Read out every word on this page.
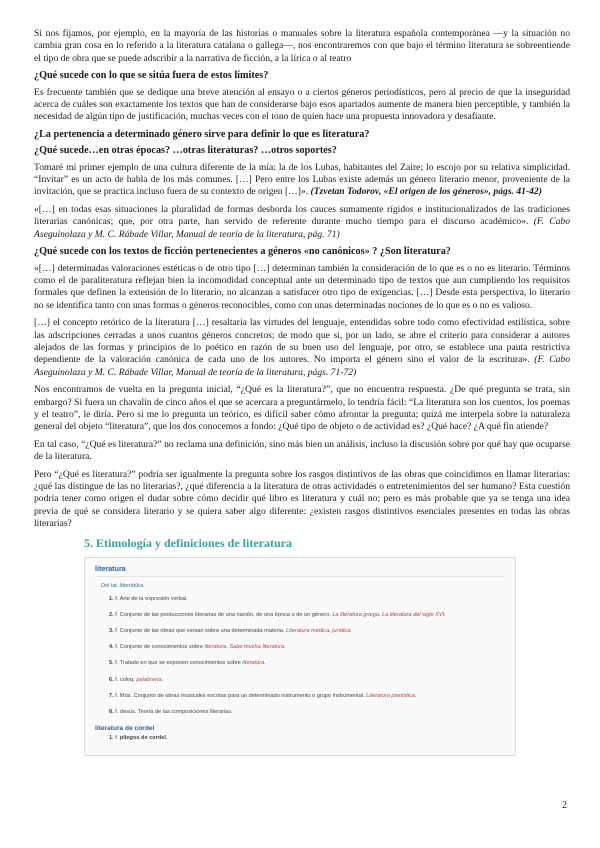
Si nos fijamos, por ejemplo, en la mayoría de las historias o manuales sobre la literatura española contemporánea —y la situación no cambia gran cosa en lo referido a la literatura catalana o gallega—, nos encontraremos con que bajo el término literatura se sobreentiende el tipo de obra que se puede adscribir a la narrativa de ficción, a la lírica o al teatro

¿Qué sucede con lo que se sitúa fuera de estos límites?

Es frecuente también que se dedique una breve atención al ensayo o a ciertos géneros periodísticos, pero al precio de que la inseguridad acerca de cuáles son exactamente los textos que han de considerarse bajo esos apartados aumente de manera bien perceptible, y también la necesidad de algún tipo de justificación, muchas veces con el tono de quien hace una propuesta innovadora y desafiante.

¿La pertenencia a determinado género sirve para definir lo que es literatura?
¿Qué sucede…en otras épocas? …otras literaturas? …otros soportes?

Tomaré mi primer ejemplo de una cultura diferente de la mía: la de los Lubas, habitantes del Zaire; lo escojo por su relativa simplicidad. “Invitar” es un acto de habla de los más comunes. […] Pero entre los Lubas existe además un género literario menor, proveniente de la invitación, que se practica incluso fuera de su contexto de origen […]». (Tzvetan Todorov, «El origen de los géneros», págs. 41-42)

«[…] en todas esas situaciones la pluralidad de formas desborda los cauces sumamente rígidos e institucionalizados de las tradiciones literarias canónicas; que, por otra parte, han servido de referente durante mucho tiempo para el discurso académico». (F. Cabo Aseguinolaza y M. C. Rábade Villar, Manual de teoría de la literatura, pág. 71)

¿Qué sucede con los textos de ficción pertenecientes a géneros «no canónicos» ? ¿Son literatura?

«[…] determinadas valoraciones estéticas o de otro tipo […] determinan también la consideración de lo que es o no es literario. Términos como el de paraliteratura reflejan bien la incomodidad conceptual ante un determinado tipo de textos que aun cumpliendo los requisitos formales que definen la extensión de lo literario, no alcanzan a satisfacer otro tipo de exigencias. […] Desde esta perspectiva, lo literario no se identifica tanto con unas formas o géneros reconocibles, como con unas determinadas nociones de lo que es o no es valioso.

[…] el concepto retórico de la literatura […] resaltaría las virtudes del lenguaje, entendidas sobre todo como efectividad estilística, sobre las adscripciones cerradas a unos cuantos géneros concretos; de modo que si, por un lado, se abre el criterio para considerar a autores alejados de las formas y principios de lo poético en razón de su buen uso del lenguaje, por otro, se establece una pauta restrictiva dependiente de la valoración canónica de cada uno de los autores. No importa el género sino el valor de la escritura». (F. Cabo Aseguinolaza y M. C. Rábade Villar, Manual de teoría de la literatura, págs. 71-72)

Nos encontramos de vuelta en la pregunta inicial, “¿Qué es la literatura?”, que no encuentra respuesta. ¿De qué pregunta se trata, sin embargo? Si fuera un chavalín de cinco años el que se acercara a preguntármelo, lo tendría fácil: “La literatura son los cuentos, los poemas y el teatro”, le diría. Pero si me lo pregunta un teórico, es difícil saber cómo afrontar la pregunta; quizá me interpela sobre la naturaleza general del objeto “literatura”, que los dos conocemos a fondo: ¿Qué tipo de objeto o de actividad es? ¿Qué hace? ¿A qué fin atiende?

En tal caso, “¿Qué es literatura?” no reclama una definición, sino más bien un análisis, incluso la discusión sobre por qué hay que ocuparse de la literatura.

Pero “¿Qué es literatura?” podría ser igualmente la pregunta sobre los rasgos distintivos de las obras que coincidimos en llamar literarias: ¿qué las distingue de las no literarias?, ¿qué diferencia a la literatura de otras actividades o entretenimientos del ser humano? Esta cuestión podría tener como origen el dudar sobre cómo decidir qué libro es literatura y cuál no; pero es más probable que ya se tenga una idea previa de qué se considera literario y se quiera saber algo diferente: ¿existen rasgos distintivos esenciales presentes en todas las obras literarias?

5. Etimología y definiciones de literatura
literatura
Del lat. litterātūra.
1. f. Arte de la expresión verbal.
2. f. Conjunto de las producciones literarias de una nación, de una época o de un género. La literatura griega. La literatura del siglo XVI.
3. f. Conjunto de las obras que versan sobre una determinada materia. Literatura médica, jurídica.
4. f. Conjunto de conocimientos sobre literatura. Sabe mucha literatura.
5. f. Tratado en que se exponen conocimientos sobre literatura.
6. f. coloq. palabrería.
7. f. Mús. Conjunto de obras musicales escritas para un determinado instrumento o grupo instrumental. Literatura pianística.
8. f. desus. Teoría de las composiciones literarias.
literatura de cordel
1. f. pliegos de cordel.
2
